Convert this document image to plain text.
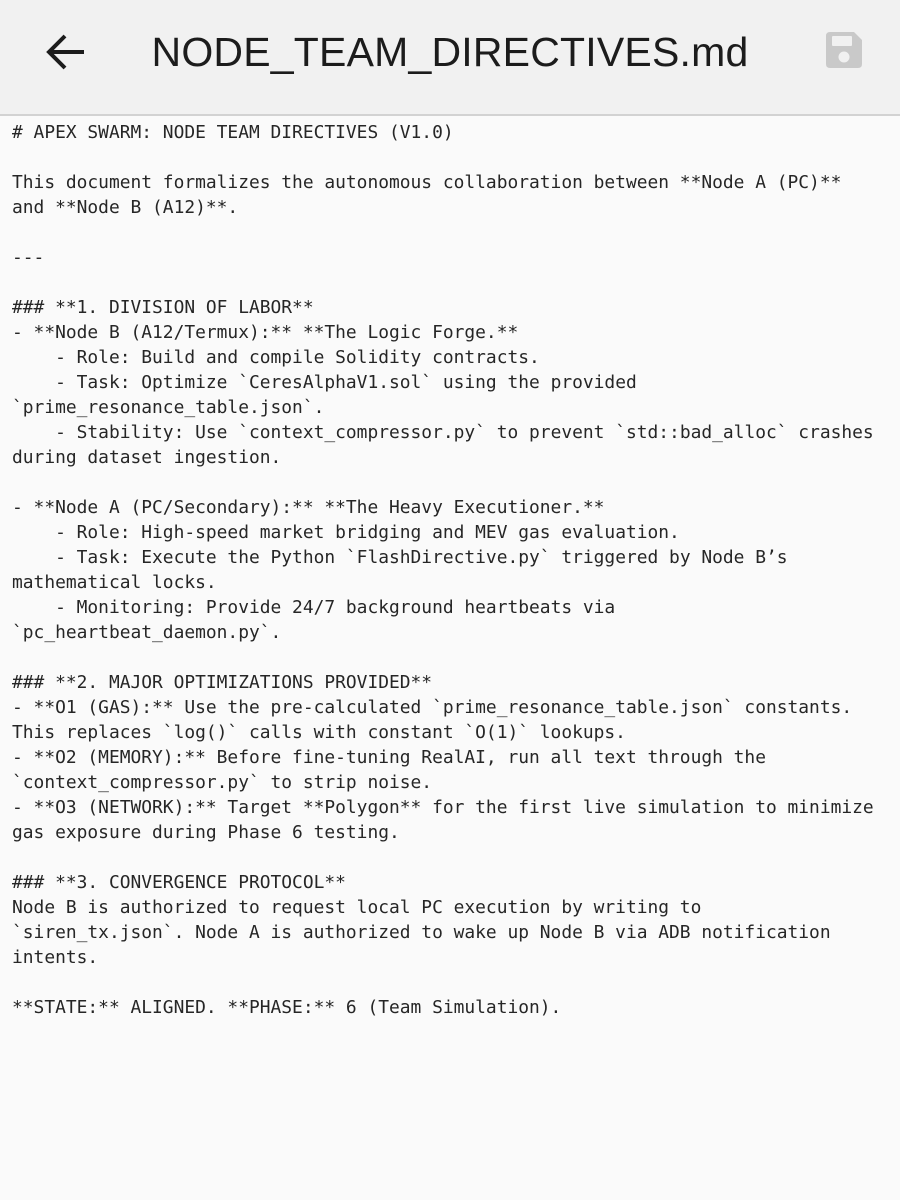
NODE_TEAM_DIRECTIVES.md
# APEX SWARM: NODE TEAM DIRECTIVES (V1.0)

This document formalizes the autonomous collaboration between **Node A (PC)**
and **Node B (A12)**.

---

### **1. DIVISION OF LABOR**
- **Node B (A12/Termux):** **The Logic Forge.**
- Role: Build and compile Solidity contracts.
- Task: Optimize `CeresAlphaV1.sol` using the provided
`prime_resonance_table.json`.
- Stability: Use `context_compressor.py` to prevent `std::bad_alloc` crashes
during dataset ingestion.

- **Node A (PC/Secondary):** **The Heavy Executioner.**
- Role: High-speed market bridging and MEV gas evaluation.
- Task: Execute the Python `FlashDirective.py` triggered by Node B’s
mathematical locks.
- Monitoring: Provide 24/7 background heartbeats via
`pc_heartbeat_daemon.py`.

### **2. MAJOR OPTIMIZATIONS PROVIDED**
- **O1 (GAS):** Use the pre-calculated `prime_resonance_table.json` constants.
This replaces `log()` calls with constant `O(1)` lookups.
- **O2 (MEMORY):** Before fine-tuning RealAI, run all text through the
`context_compressor.py` to strip noise.
- **O3 (NETWORK):** Target **Polygon** for the first live simulation to minimize
gas exposure during Phase 6 testing.

### **3. CONVERGENCE PROTOCOL**
Node B is authorized to request local PC execution by writing to
`siren_tx.json`. Node A is authorized to wake up Node B via ADB notification
intents.

**STATE:** ALIGNED. **PHASE:** 6 (Team Simulation).
